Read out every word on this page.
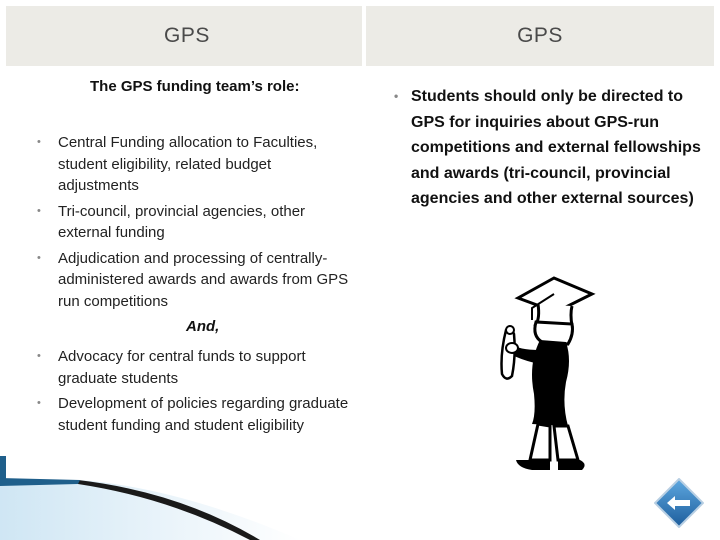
GPS
The GPS funding team’s role:
• Central Funding allocation to Faculties, student eligibility, related budget adjustments
• Tri-council, provincial agencies, other external funding
• Adjudication and processing of centrally-administered awards and awards from GPS run competitions
And,
• Advocacy for central funds to support graduate students
• Development of policies regarding graduate student funding and student eligibility
GPS
• Students should only be directed to GPS for inquiries about GPS-run competitions and external fellowships and awards (tri-council, provincial agencies and other external sources)
